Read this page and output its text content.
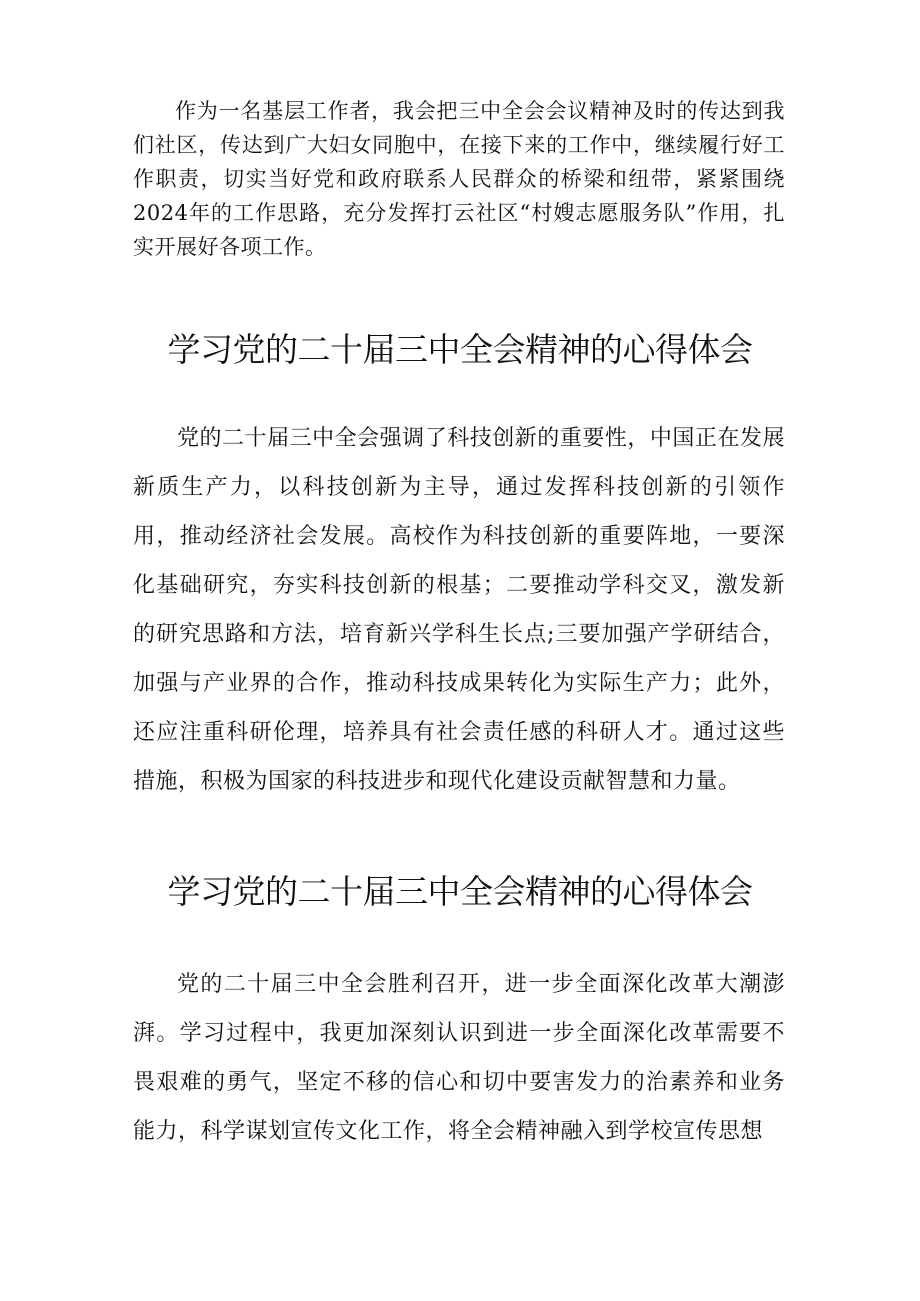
作为一名基层工作者，我会把三中全会会议精神及时的传达到我们社区，传达到广大妇女同胞中，在接下来的工作中，继续履行好工作职责，切实当好党和政府联系人民群众的桥梁和纽带，紧紧围绕2024年的工作思路，充分发挥打云社区“村嫂志愿服务队”作用，扎实开展好各项工作。

学习党的二十届三中全会精神的心得体会

党的二十届三中全会强调了科技创新的重要性，中国正在发展新质生产力，以科技创新为主导，通过发挥科技创新的引领作用，推动经济社会发展。高校作为科技创新的重要阵地，一要深化基础研究，夯实科技创新的根基；二要推动学科交叉，激发新的研究思路和方法，培育新兴学科生长点;三要加强产学研结合，加强与产业界的合作，推动科技成果转化为实际生产力；此外，还应注重科研伦理，培养具有社会责任感的科研人才。通过这些措施，积极为国家的科技进步和现代化建设贡献智慧和力量。

学习党的二十届三中全会精神的心得体会

党的二十届三中全会胜利召开，进一步全面深化改革大潮澎湃。学习过程中，我更加深刻认识到进一步全面深化改革需要不畏艰难的勇气，坚定不移的信心和切中要害发力的治素养和业务能力，科学谋划宣传文化工作，将全会精神融入到学校宣传思想
